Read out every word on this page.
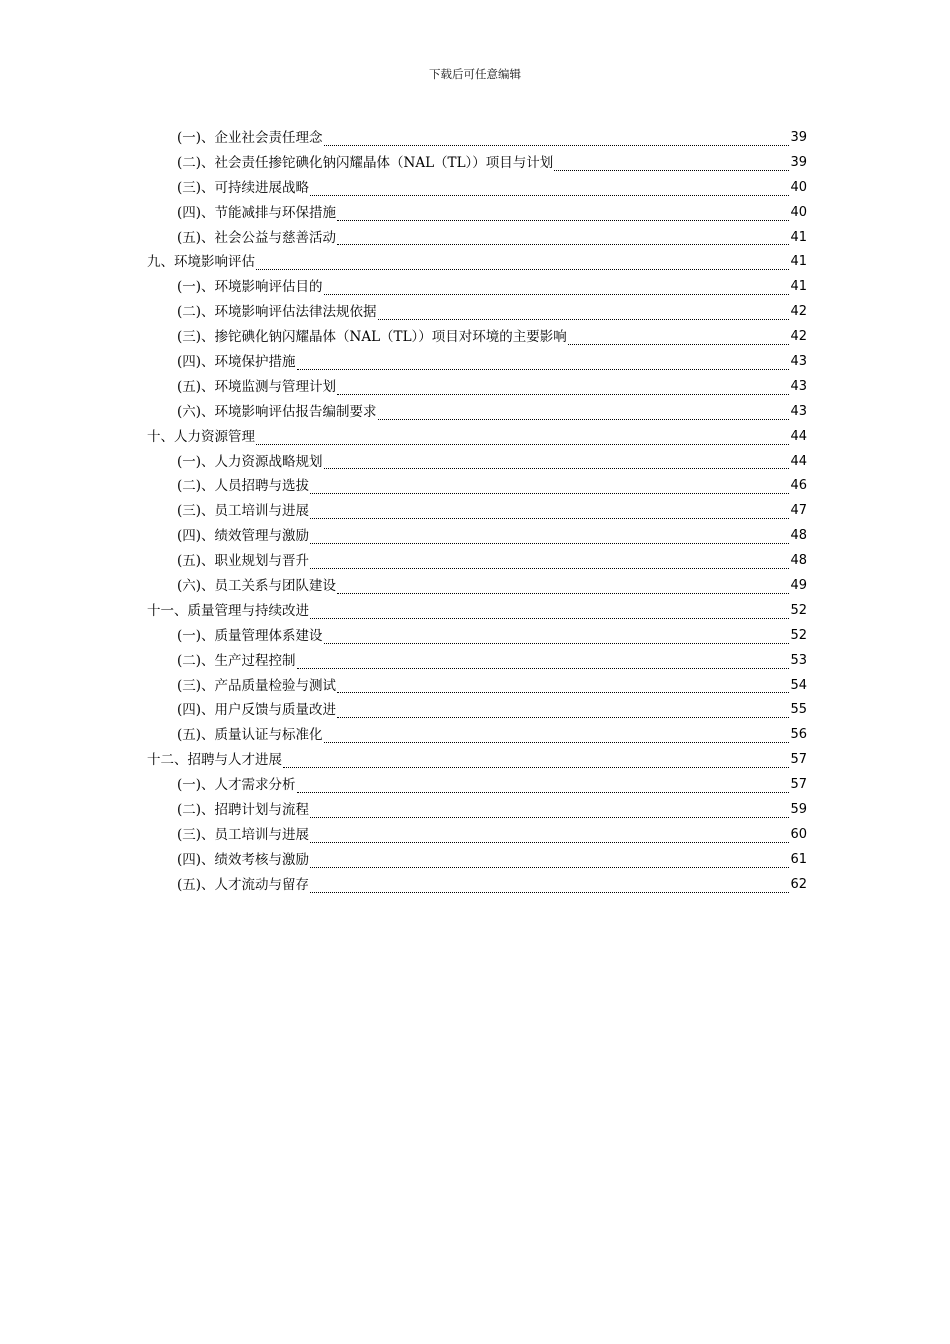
下载后可任意编辑
(一)、企业社会责任理念	39
(二)、社会责任掺铊碘化钠闪耀晶体（NAL（TL））项目与计划	39
(三)、可持续进展战略	40
(四)、节能减排与环保措施	40
(五)、社会公益与慈善活动	41
九、环境影响评估	41
(一)、环境影响评估目的	41
(二)、环境影响评估法律法规依据	42
(三)、掺铊碘化钠闪耀晶体（NAL（TL））项目对环境的主要影响	42
(四)、环境保护措施	43
(五)、环境监测与管理计划	43
(六)、环境影响评估报告编制要求	43
十、人力资源管理	44
(一)、人力资源战略规划	44
(二)、人员招聘与选拔	46
(三)、员工培训与进展	47
(四)、绩效管理与激励	48
(五)、职业规划与晋升	48
(六)、员工关系与团队建设	49
十一、质量管理与持续改进	52
(一)、质量管理体系建设	52
(二)、生产过程控制	53
(三)、产品质量检验与测试	54
(四)、用户反馈与质量改进	55
(五)、质量认证与标准化	56
十二、招聘与人才进展	57
(一)、人才需求分析	57
(二)、招聘计划与流程	59
(三)、员工培训与进展	60
(四)、绩效考核与激励	61
(五)、人才流动与留存	62
